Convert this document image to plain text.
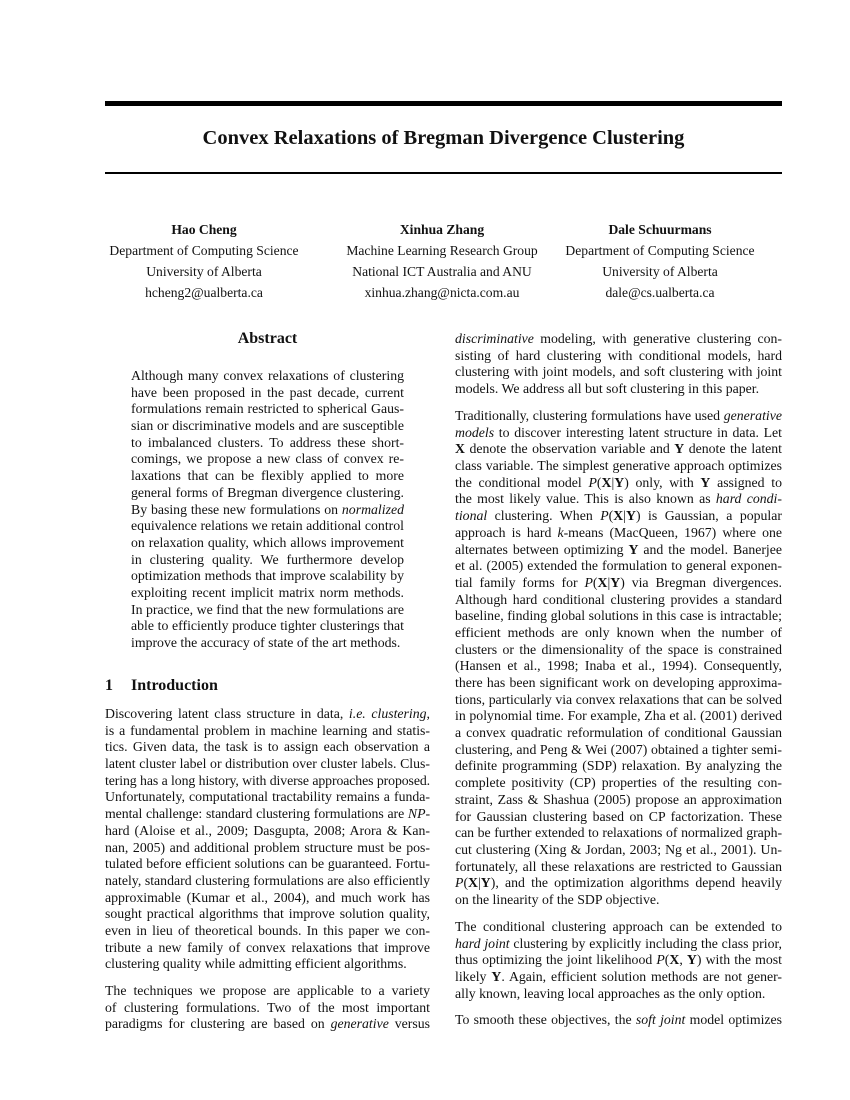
Convex Relaxations of Bregman Divergence Clustering
Hao Cheng
Department of Computing Science
University of Alberta
hcheng2@ualberta.ca
Xinhua Zhang
Machine Learning Research Group
National ICT Australia and ANU
xinhua.zhang@nicta.com.au
Dale Schuurmans
Department of Computing Science
University of Alberta
dale@cs.ualberta.ca
Abstract
Although many convex relaxations of clustering
have been proposed in the past decade, current
formulations remain restricted to spherical Gaus-
sian or discriminative models and are susceptible
to imbalanced clusters. To address these short-
comings, we propose a new class of convex re-
laxations that can be flexibly applied to more
general forms of Bregman divergence clustering.
By basing these new formulations on normalized
equivalence relations we retain additional control
on relaxation quality, which allows improvement
in clustering quality. We furthermore develop
optimization methods that improve scalability by
exploiting recent implicit matrix norm methods.
In practice, we find that the new formulations are
able to efficiently produce tighter clusterings that
improve the accuracy of state of the art methods.
1 Introduction
Discovering latent class structure in data, i.e. clustering,
is a fundamental problem in machine learning and statis-
tics. Given data, the task is to assign each observation a
latent cluster label or distribution over cluster labels. Clus-
tering has a long history, with diverse approaches proposed.
Unfortunately, computational tractability remains a funda-
mental challenge: standard clustering formulations are NP-
hard (Aloise et al., 2009; Dasgupta, 2008; Arora & Kan-
nan, 2005) and additional problem structure must be pos-
tulated before efficient solutions can be guaranteed. Fortu-
nately, standard clustering formulations are also efficiently
approximable (Kumar et al., 2004), and much work has
sought practical algorithms that improve solution quality,
even in lieu of theoretical bounds. In this paper we con-
tribute a new family of convex relaxations that improve
clustering quality while admitting efficient algorithms.
The techniques we propose are applicable to a variety
of clustering formulations. Two of the most important
paradigms for clustering are based on generative versus
discriminative modeling, with generative clustering con-
sisting of hard clustering with conditional models, hard
clustering with joint models, and soft clustering with joint
models. We address all but soft clustering in this paper.
Traditionally, clustering formulations have used generative
models to discover interesting latent structure in data. Let
X denote the observation variable and Y denote the latent
class variable. The simplest generative approach optimizes
the conditional model P(X|Y) only, with Y assigned to
the most likely value. This is also known as hard condi-
tional clustering. When P(X|Y) is Gaussian, a popular
approach is hard k-means (MacQueen, 1967) where one
alternates between optimizing Y and the model. Banerjee
et al. (2005) extended the formulation to general exponen-
tial family forms for P(X|Y) via Bregman divergences.
Although hard conditional clustering provides a standard
baseline, finding global solutions in this case is intractable;
efficient methods are only known when the number of
clusters or the dimensionality of the space is constrained
(Hansen et al., 1998; Inaba et al., 1994). Consequently,
there has been significant work on developing approxima-
tions, particularly via convex relaxations that can be solved
in polynomial time. For example, Zha et al. (2001) derived
a convex quadratic reformulation of conditional Gaussian
clustering, and Peng & Wei (2007) obtained a tighter semi-
definite programming (SDP) relaxation. By analyzing the
complete positivity (CP) properties of the resulting con-
straint, Zass & Shashua (2005) propose an approximation
for Gaussian clustering based on CP factorization. These
can be further extended to relaxations of normalized graph-
cut clustering (Xing & Jordan, 2003; Ng et al., 2001). Un-
fortunately, all these relaxations are restricted to Gaussian
P(X|Y), and the optimization algorithms depend heavily
on the linearity of the SDP objective.
The conditional clustering approach can be extended to
hard joint clustering by explicitly including the class prior,
thus optimizing the joint likelihood P(X, Y) with the most
likely Y. Again, efficient solution methods are not gener-
ally known, leaving local approaches as the only option.
To smooth these objectives, the soft joint model optimizes
